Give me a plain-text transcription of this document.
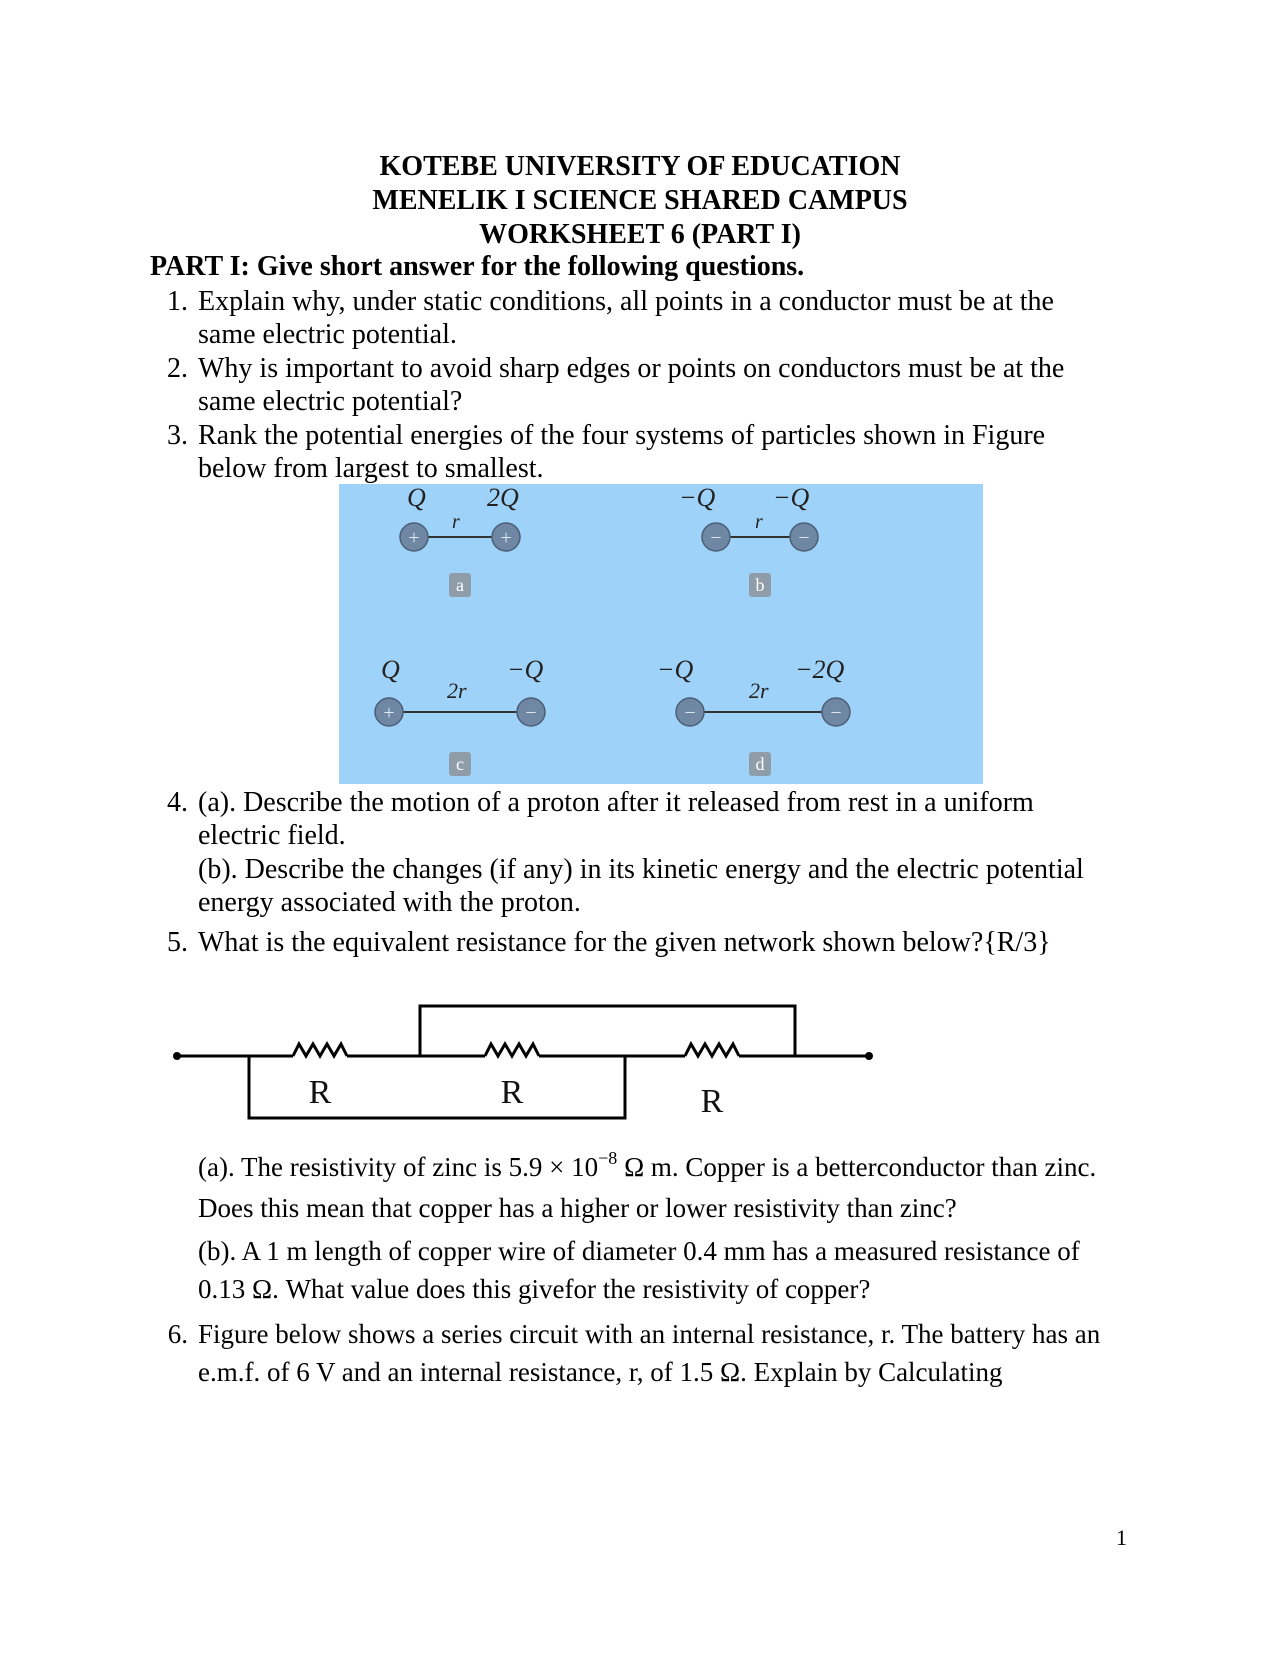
KOTEBE UNIVERSITY OF EDUCATION
MENELIK I SCIENCE SHARED CAMPUS
WORKSHEET 6 (PART I)
PART I: Give short answer for the following questions.
1. Explain why, under static conditions, all points in a conductor must be at the same electric potential.
2. Why is important to avoid sharp edges or points on conductors must be at the same electric potential?
3. Rank the potential energies of the four systems of particles shown in Figure below from largest to smallest.
Q 2Q
r
−Q −Q
r
Q	−Q
2r
−Q	−2Q
2r
+	+	−	−
+	−	−	−
a	b
c	d
4. (a). Describe the motion of a proton after it released from rest in a uniform electric field.
(b). Describe the changes (if any) in its kinetic energy and the electric potential energy associated with the proton.
5. What is the equivalent resistance for the given network shown below?{R/3}
R	R	R
(a). The resistivity of zinc is $5.9 \times 10^{-8}$ Ω m. Copper is a betterconductor than zinc. Does this mean that copper has a higher or lower resistivity than zinc?
(b). A 1 m length of copper wire of diameter 0.4 mm has a measured resistance of 0.13 Ω. What value does this givefor the resistivity of copper?
6. Figure below shows a series circuit with an internal resistance, r. The battery has an e.m.f. of 6 V and an internal resistance, r, of 1.5 Ω. Explain by Calculating
1
